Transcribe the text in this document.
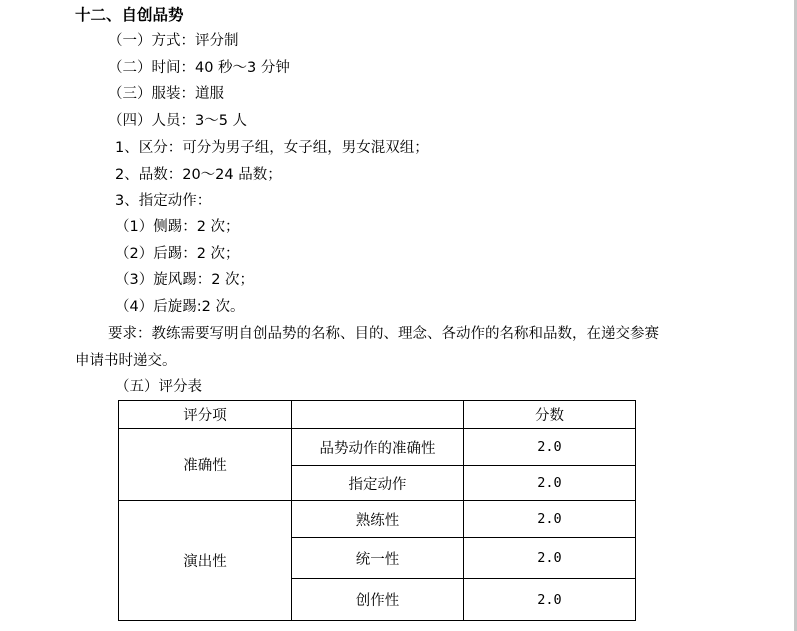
十二、自创品势
（一）方式：评分制
（二）时间：40 秒～3 分钟
（三）服装：道服
（四）人员：3～5 人
1、区分：可分为男子组，女子组，男女混双组；
2、品数：20～24 品数；
3、指定动作：
（1）侧踢：2 次；
（2）后踢：2 次；
（3）旋风踢：2 次；
（4）后旋踢:2 次。
要求：教练需要写明自创品势的名称、目的、理念、各动作的名称和品数，在递交参赛
申请书时递交。
（五）评分表
评分项		分数
准确性	品势动作的准确性	2.0
	指定动作	2.0
演出性	熟练性	2.0
	统一性	2.0
	创作性	2.0
